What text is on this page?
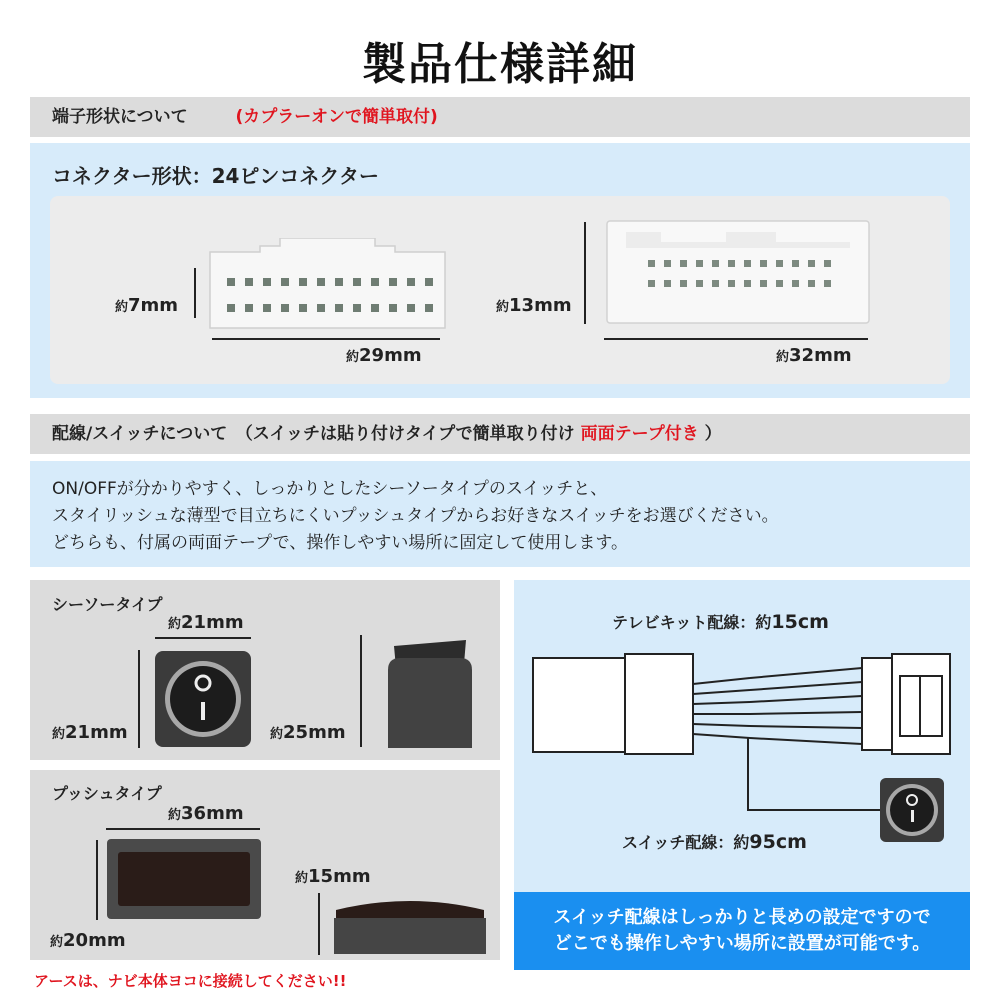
製品仕様詳細
端子形状について	(カプラーオンで簡単取付)
コネクター形状：24ピンコネクター
約7mm
約29mm
約13mm
約32mm
配線/スイッチについて　（スイッチは貼り付けタイプで簡単取り付け 両面テープ付き ）
ON/OFFが分かりやすく、しっかりとしたシーソータイプのスイッチと、
スタイリッシュな薄型で目立ちにくいプッシュタイプからお好きなスイッチをお選びください。
どちらも、付属の両面テープで、操作しやすい場所に固定して使用します。
シーソータイプ
約21mm
約21mm	約25mm
プッシュタイプ
約36mm
約20mm
約15mm
テレビキット配線：約15cm
スイッチ配線：約95cm
スイッチ配線はしっかりと長めの設定ですので
どこでも操作しやすい場所に設置が可能です。
アースは、ナビ本体ヨコに接続してください!!
